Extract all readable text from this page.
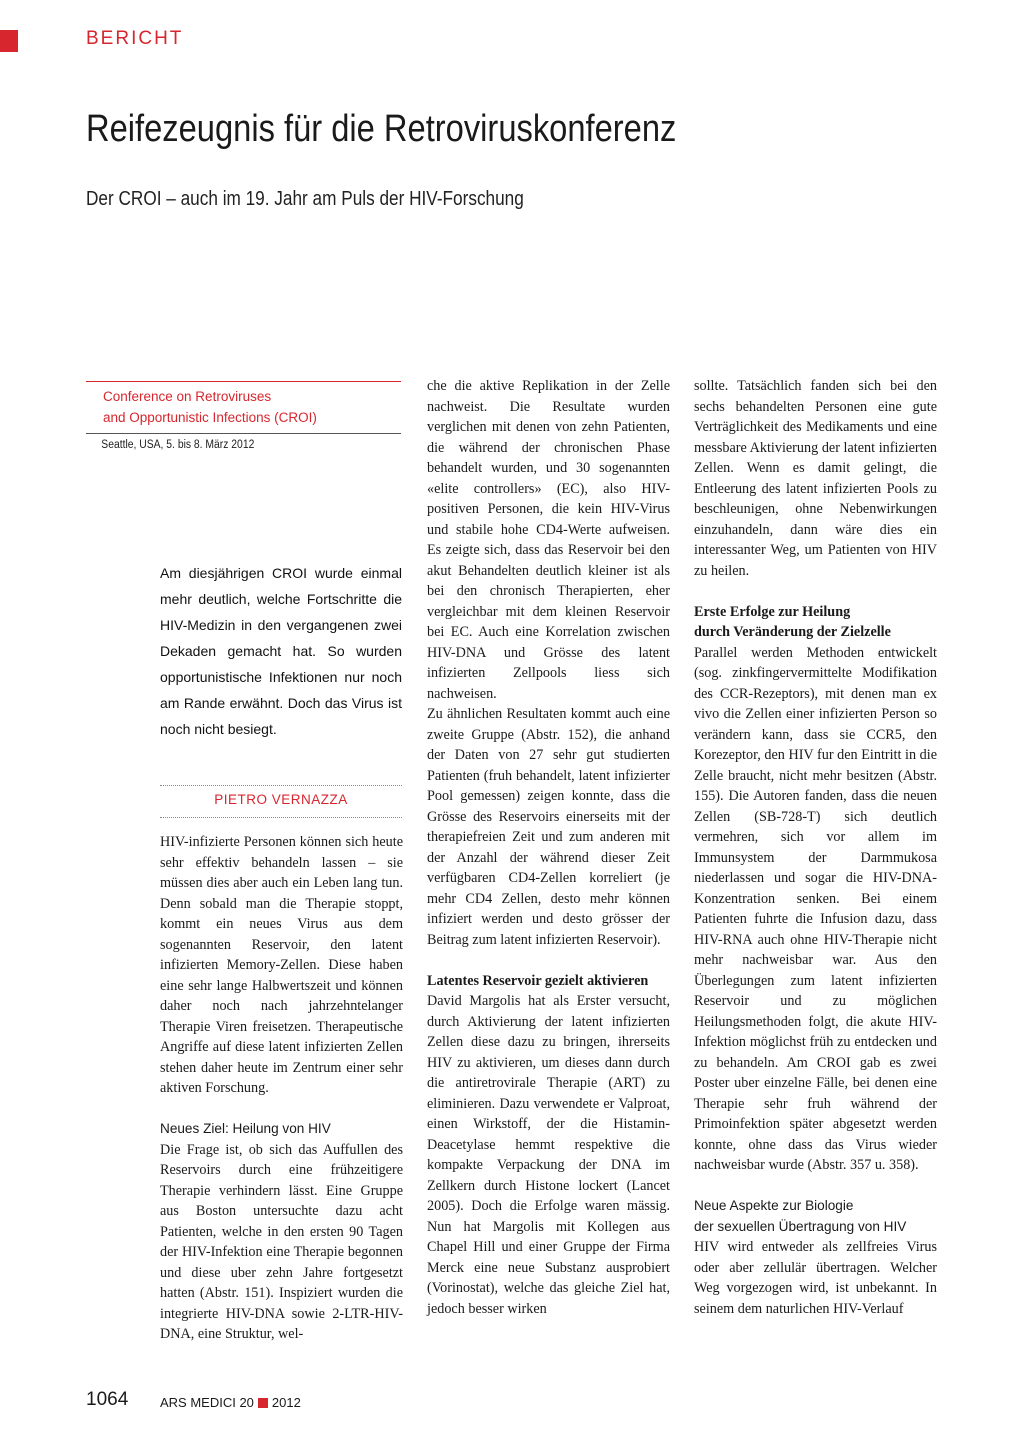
BERICHT
Reifezeugnis für die Retroviruskonferenz
Der CROI – auch im 19. Jahr am Puls der HIV-Forschung
Conference on Retroviruses
and Opportunistic Infections (CROI)
Seattle, USA, 5. bis 8. März 2012
Am diesjährigen CROI wurde einmal mehr deutlich, welche Fortschritte die HIV-Medizin in den vergangenen zwei Dekaden gemacht hat. So wurden opportunistische Infektionen nur noch am Rande erwähnt. Doch das Virus ist noch nicht besiegt.
PIETRO VERNAZZA

HIV-infizierte Personen können sich heute sehr effektiv behandeln lassen – sie müssen dies aber auch ein Leben lang tun. Denn sobald man die Therapie stoppt, kommt ein neues Virus aus dem sogenannten Reservoir, den latent infizierten Memory-Zellen. Diese haben eine sehr lange Halbwertszeit und können daher noch nach jahrzehntelanger Therapie Viren freisetzen. Therapeutische Angriffe auf diese latent infizierten Zellen stehen daher heute im Zentrum einer sehr aktiven Forschung.

Neues Ziel: Heilung von HIV

Die Frage ist, ob sich das Auffullen des Reservoirs durch eine frühzeitigere Therapie verhindern lässt. Eine Gruppe aus Boston untersuchte dazu acht Patienten, welche in den ersten 90 Tagen der HIV-Infektion eine Therapie begonnen und diese uber zehn Jahre fortgesetzt hatten (Abstr. 151). Inspiziert wurden die integrierte HIV-DNA sowie 2-LTR-HIV-DNA, eine Struktur, wel-

che die aktive Replikation in der Zelle nachweist. Die Resultate wurden verglichen mit denen von zehn Patienten, die während der chronischen Phase behandelt wurden, und 30 sogenannten «elite controllers» (EC), also HIV-positiven Personen, die kein HIV-Virus und stabile hohe CD4-Werte aufweisen. Es zeigte sich, dass das Reservoir bei den akut Behandelten deutlich kleiner ist als bei den chronisch Therapierten, eher vergleichbar mit dem kleinen Reservoir bei EC. Auch eine Korrelation zwischen HIV-DNA und Grösse des latent infizierten Zellpools liess sich nachweisen.

Zu ähnlichen Resultaten kommt auch eine zweite Gruppe (Abstr. 152), die anhand der Daten von 27 sehr gut studierten Patienten (fruh behandelt, latent infizierter Pool gemessen) zeigen konnte, dass die Grösse des Reservoirs einerseits mit der therapiefreien Zeit und zum anderen mit der Anzahl der während dieser Zeit verfügbaren CD4-Zellen korreliert (je mehr CD4 Zellen, desto mehr können infiziert werden und desto grösser der Beitrag zum latent infizierten Reservoir).

Latentes Reservoir gezielt aktivieren

David Margolis hat als Erster versucht, durch Aktivierung der latent infizierten Zellen diese dazu zu bringen, ihrerseits HIV zu aktivieren, um dieses dann durch die antiretrovirale Therapie (ART) zu eliminieren. Dazu verwendete er Valproat, einen Wirkstoff, der die Histamin-Deacetylase hemmt respektive die kompakte Verpackung der DNA im Zellkern durch Histone lockert (Lancet 2005). Doch die Erfolge waren mässig. Nun hat Margolis mit Kollegen aus Chapel Hill und einer Gruppe der Firma Merck eine neue Substanz ausprobiert (Vorinostat), welche das gleiche Ziel hat, jedoch besser wirken

sollte. Tatsächlich fanden sich bei den sechs behandelten Personen eine gute Verträglichkeit des Medikaments und eine messbare Aktivierung der latent infizierten Zellen. Wenn es damit gelingt, die Entleerung des latent infizierten Pools zu beschleunigen, ohne Nebenwirkungen einzuhandeln, dann wäre dies ein interessanter Weg, um Patienten von HIV zu heilen.

Erste Erfolge zur Heilung
durch Veränderung der Zielzelle

Parallel werden Methoden entwickelt (sog. zinkfingervermittelte Modifikation des CCR-Rezeptors), mit denen man ex vivo die Zellen einer infizierten Person so verändern kann, dass sie CCR5, den Korezeptor, den HIV fur den Eintritt in die Zelle braucht, nicht mehr besitzen (Abstr. 155). Die Autoren fanden, dass die neuen Zellen (SB-728-T) sich deutlich vermehren, sich vor allem im Immunsystem der Darmmukosa niederlassen und sogar die HIV-DNA-Konzentration senken. Bei einem Patienten fuhrte die Infusion dazu, dass HIV-RNA auch ohne HIV-Therapie nicht mehr nachweisbar war. Aus den Überlegungen zum latent infizierten Reservoir und zu möglichen Heilungsmethoden folgt, die akute HIV-Infektion möglichst früh zu entdecken und zu behandeln. Am CROI gab es zwei Poster uber einzelne Fälle, bei denen eine Therapie sehr fruh während der Primoinfektion später abgesetzt werden konnte, ohne dass das Virus wieder nachweisbar wurde (Abstr. 357 u. 358).

Neue Aspekte zur Biologie
der sexuellen Übertragung von HIV

HIV wird entweder als zellfreies Virus oder aber zellulär übertragen. Welcher Weg vorgezogen wird, ist unbekannt. In seinem dem naturlichen HIV-Verlauf

1064 ARS MEDICI 20 2012
